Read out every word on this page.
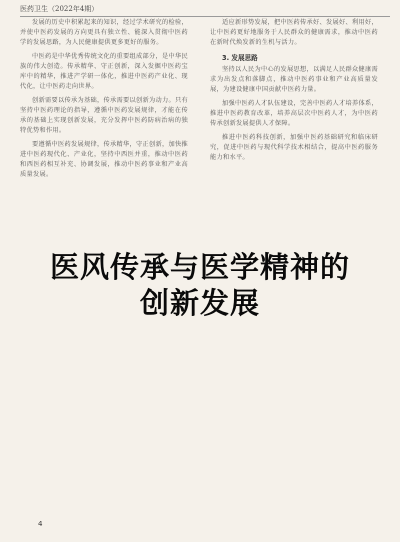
医药卫生（2022年4期）

发展的历史中积累起来的知识，经过学术研究的检验，并使中医药发展的方向更具有独立性、能深入贯彻中医药学的发展思路，为人民健康提供更多更好的服务。

中医药是中华优秀传统文化的重要组成部分，是中华民族的伟大创造。传承精华、守正创新，深入发掘中医药宝库中的精华，推进产学研一体化，推进中医药产业化、现代化，让中医药走向世界。

创新需要以传承为基础，传承需要以创新为动力。只有坚持中医药理论的指导，遵循中医药发展规律，才能在传承的基础上实现创新发展，充分发挥中医药防病治病的独特优势和作用。

要遵循中医药发展规律，传承精华，守正创新，加快推进中医药现代化、产业化，坚持中西医并重，推动中医药和西医药相互补充、协调发展，推动中医药事业和产业高质量发展。

适应新形势发展，把中医药传承好、发展好、利用好，让中医药更好地服务于人民群众的健康需求，推动中医药在新时代焕发新的生机与活力。

3. 发展思路

坚持以人民为中心的发展思想，以满足人民群众健康需求为出发点和落脚点，推动中医药事业和产业高质量发展，为建设健康中国贡献中医药力量。

加强中医药人才队伍建设，完善中医药人才培养体系，推进中医药教育改革，培养高层次中医药人才，为中医药传承创新发展提供人才保障。

推进中医药科技创新，加强中医药基础研究和临床研究，促进中医药与现代科学技术相结合，提高中医药服务能力和水平。

医风传承与医学精神的
创新发展
4
